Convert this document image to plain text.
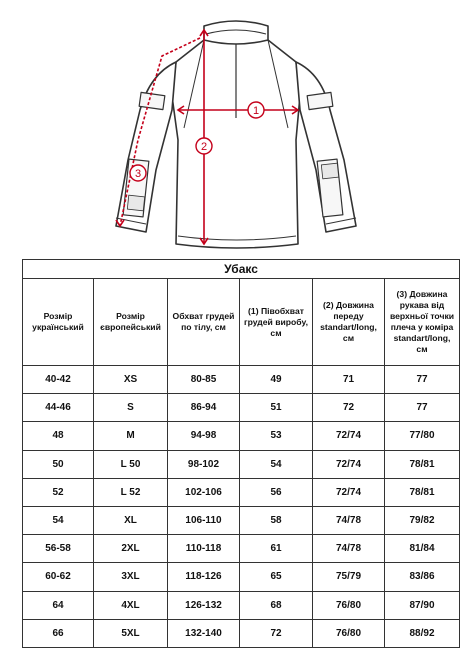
1
2
3
Убакс					
Розмір український	Розмір європейський	Обхват грудей по тілу, см	(1) Півобхват грудей виробу, см	(2) Довжина переду standart/long, см	(3) Довжина рукава від верхньої точки плеча у коміра standart/long, см
40-42	XS	80-85	49	71	77
44-46	S	86-94	51	72	77
48	M	94-98	53	72/74	77/80
50	L 50	98-102	54	72/74	78/81
52	L 52	102-106	56	72/74	78/81
54	XL	106-110	58	74/78	79/82
56-58	2XL	110-118	61	74/78	81/84
60-62	3XL	118-126	65	75/79	83/86
64	4XL	126-132	68	76/80	87/90
66	5XL	132-140	72	76/80	88/92
